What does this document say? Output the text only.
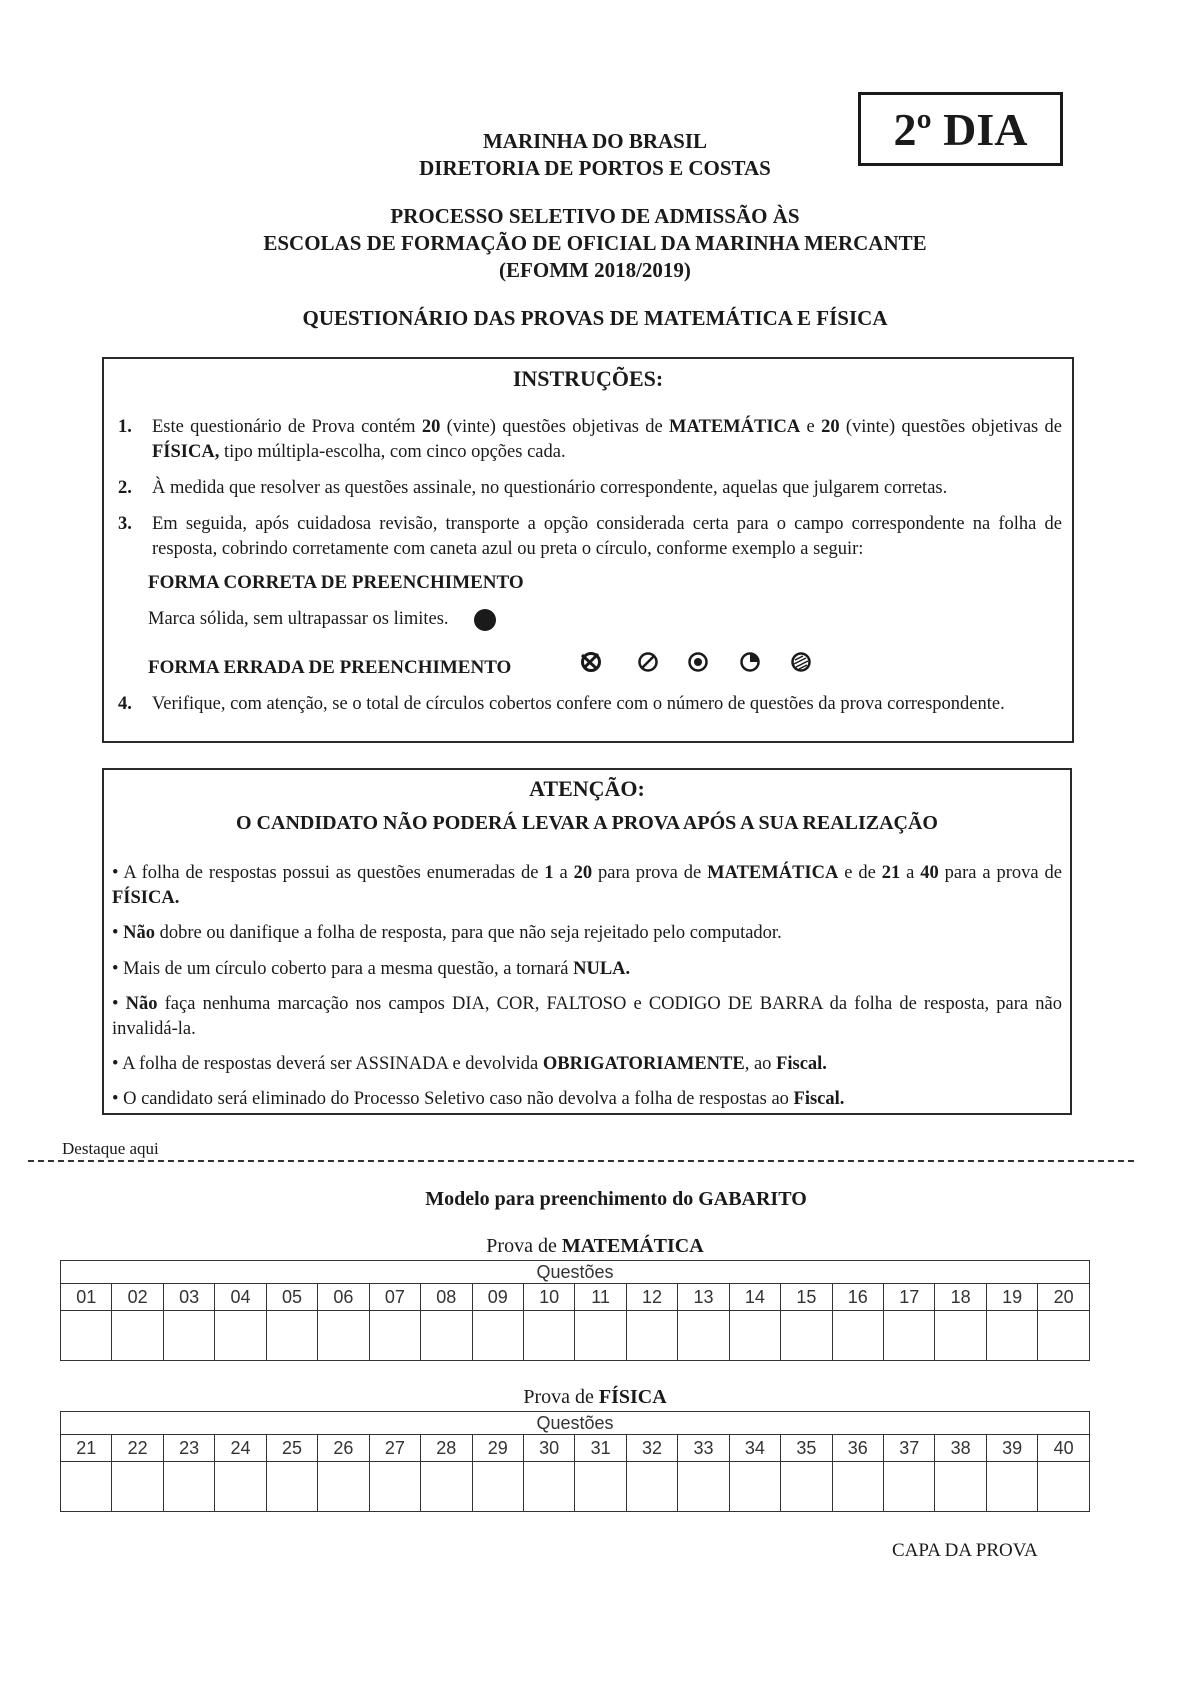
2º DIA
MARINHA DO BRASIL
DIRETORIA DE PORTOS E COSTAS
PROCESSO SELETIVO DE ADMISSÃO ÀS
ESCOLAS DE FORMAÇÃO DE OFICIAL DA MARINHA MERCANTE
(EFOMM 2018/2019)
QUESTIONÁRIO DAS PROVAS DE MATEMÁTICA E FÍSICA
INSTRUÇÕES:
1.	Este questionário de Prova contém 20 (vinte) questões objetivas de MATEMÁTICA e 20 (vinte) questões objetivas de FÍSICA, tipo múltipla-escolha, com cinco opções cada.
2. À medida que resolver as questões assinale, no questionário correspondente, aquelas que julgarem corretas.
3. Em seguida, após cuidadosa revisão, transporte a opção considerada certa para o campo correspondente na folha de resposta, cobrindo corretamente com caneta azul ou preta o círculo, conforme exemplo a seguir:
FORMA CORRETA DE PREENCHIMENTO
Marca sólida, sem ultrapassar os limites.
FORMA ERRADA DE PREENCHIMENTO
4. Verifique, com atenção, se o total de círculos cobertos confere com o número de questões da prova correspondente.
ATENÇÃO:
O CANDIDATO NÃO PODERÁ LEVAR A PROVA APÓS A SUA REALIZAÇÃO
• A folha de respostas possui as questões enumeradas de 1 a 20 para prova de MATEMÁTICA e de 21 a 40 para a prova de FÍSICA.
• Não dobre ou danifique a folha de resposta, para que não seja rejeitado pelo computador.
• Mais de um círculo coberto para a mesma questão, a tornará NULA.
• Não faça nenhuma marcação nos campos DIA, COR, FALTOSO e CODIGO DE BARRA da folha de resposta, para não invalidá-la.
• A folha de respostas deverá ser ASSINADA e devolvida OBRIGATORIAMENTE, ao Fiscal.
• O candidato será eliminado do Processo Seletivo caso não devolva a folha de respostas ao Fiscal.
Destaque aqui
Modelo para preenchimento do GABARITO
Prova de MATEMÁTICA
Questões																			
01	02	03	04	05	06	07	08	09	10	11	12	13	14	15	16	17	18	19	20

Prova de FÍSICA
Questões																			
21	22	23	24	25	26	27	28	29	30	31	32	33	34	35	36	37	38	39	40

CAPA DA PROVA
